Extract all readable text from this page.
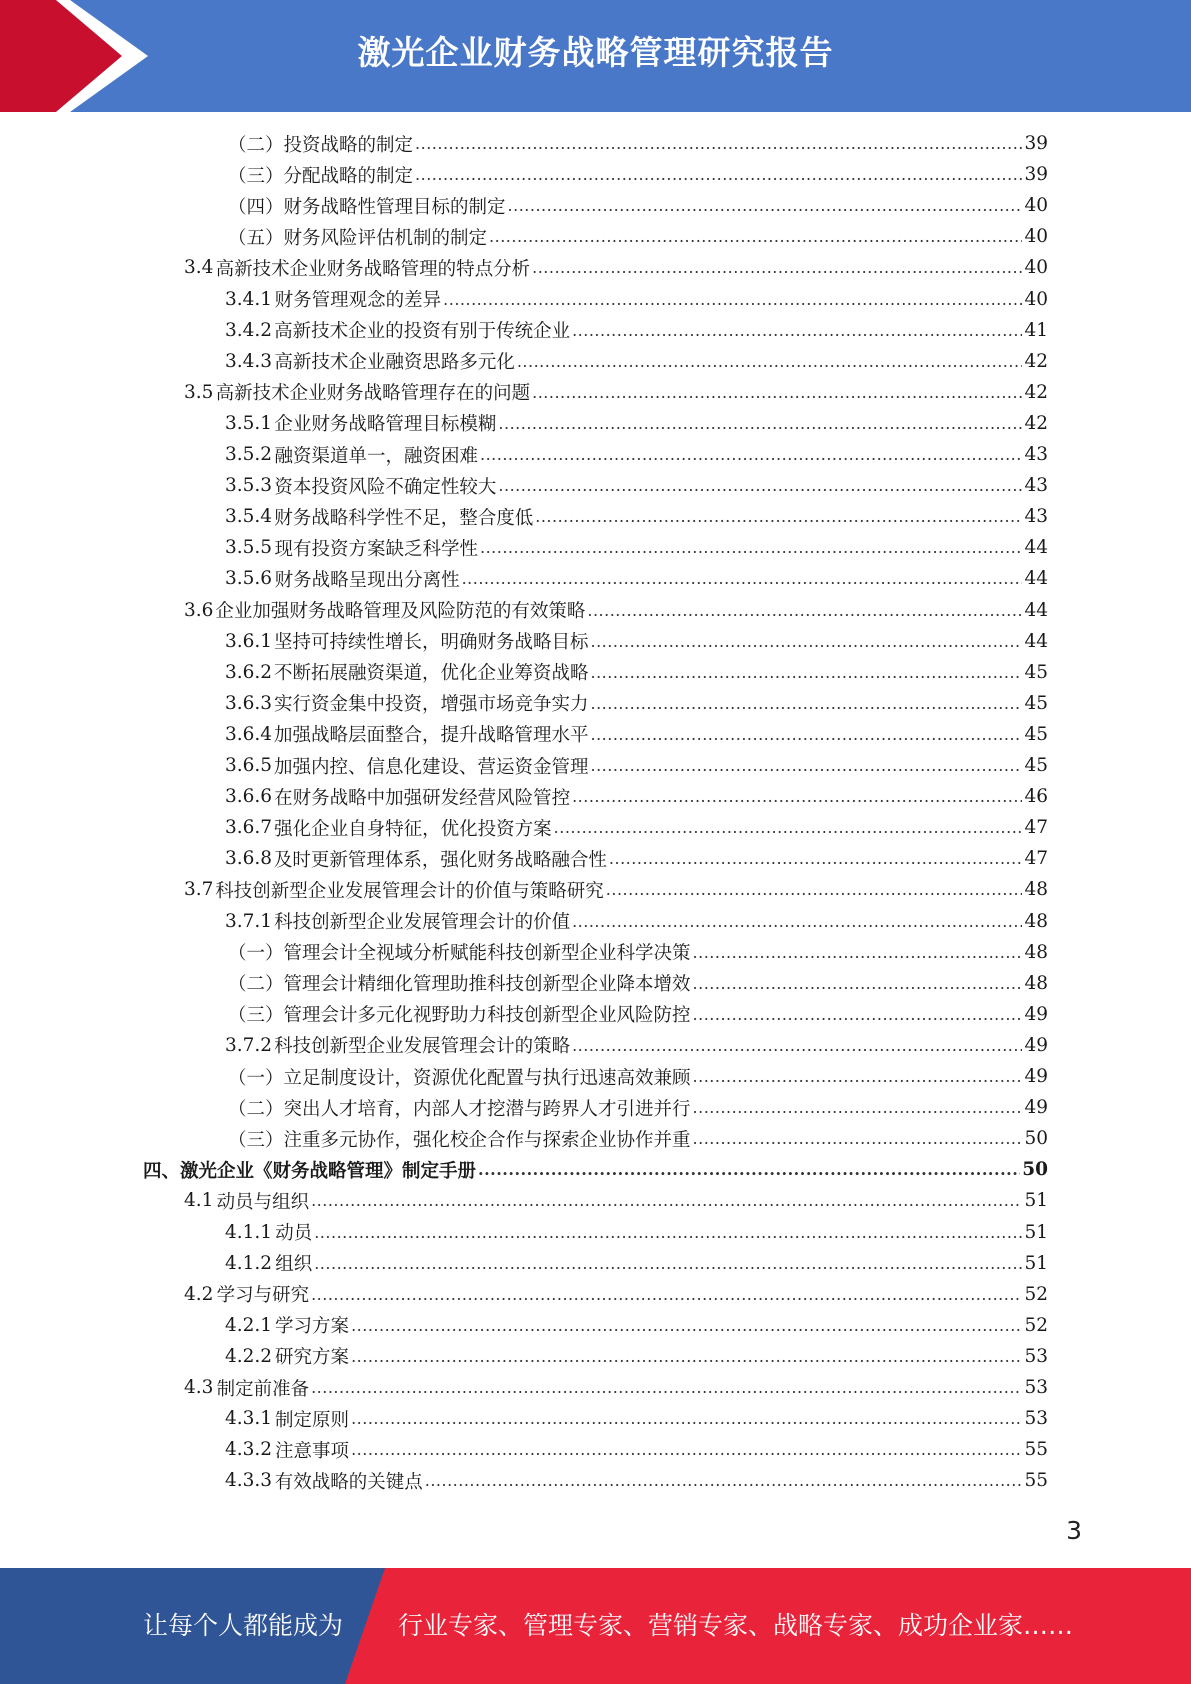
激光企业财务战略管理研究报告
（二）投资战略的制定 .....	39
（三）分配战略的制定 .....	39
（四）财务战略性管理目标的制定 .....	40
（五）财务风险评估机制的制定 .....	40
3.4 高新技术企业财务战略管理的特点分析 .....	40
3.4.1 财务管理观念的差异 .....	40
3.4.2 高新技术企业的投资有别于传统企业 .....	41
3.4.3 高新技术企业融资思路多元化 .....	42
3.5 高新技术企业财务战略管理存在的问题 .....	42
3.5.1 企业财务战略管理目标模糊 .....	42
3.5.2 融资渠道单一，融资困难 .....	43
3.5.3 资本投资风险不确定性较大 .....	43
3.5.4 财务战略科学性不足，整合度低 .....	43
3.5.5 现有投资方案缺乏科学性 .....	44
3.5.6 财务战略呈现出分离性 .....	44
3.6 企业加强财务战略管理及风险防范的有效策略 .....	44
3.6.1 坚持可持续性增长，明确财务战略目标 .....	44
3.6.2 不断拓展融资渠道，优化企业筹资战略 .....	45
3.6.3 实行资金集中投资，增强市场竞争实力 .....	45
3.6.4 加强战略层面整合，提升战略管理水平 .....	45
3.6.5 加强内控、信息化建设、营运资金管理 .....	45
3.6.6 在财务战略中加强研发经营风险管控 .....	46
3.6.7 强化企业自身特征，优化投资方案 .....	47
3.6.8 及时更新管理体系，强化财务战略融合性 .....	47
3.7 科技创新型企业发展管理会计的价值与策略研究 .....	48
3.7.1 科技创新型企业发展管理会计的价值 .....	48
（一）管理会计全视域分析赋能科技创新型企业科学决策 .....	48
（二）管理会计精细化管理助推科技创新型企业降本增效 .....	48
（三）管理会计多元化视野助力科技创新型企业风险防控 .....	49
3.7.2 科技创新型企业发展管理会计的策略 .....	49
（一）立足制度设计，资源优化配置与执行迅速高效兼顾 .....	49
（二）突出人才培育，内部人才挖潜与跨界人才引进并行 .....	49
（三）注重多元协作，强化校企合作与探索企业协作并重 .....	50
四、激光企业《财务战略管理》制定手册 .....	50
4.1 动员与组织 .....	51
4.1.1 动员 .....	51
4.1.2 组织 .....	51
4.2 学习与研究 .....	52
4.2.1 学习方案 .....	52
4.2.2 研究方案 .....	53
4.3 制定前准备 .....	53
4.3.1 制定原则 .....	53
4.3.2 注意事项 .....	55
4.3.3 有效战略的关键点 .....	55
3
让每个人都能成为 行业专家、管理专家、营销专家、战略专家、成功企业家……
